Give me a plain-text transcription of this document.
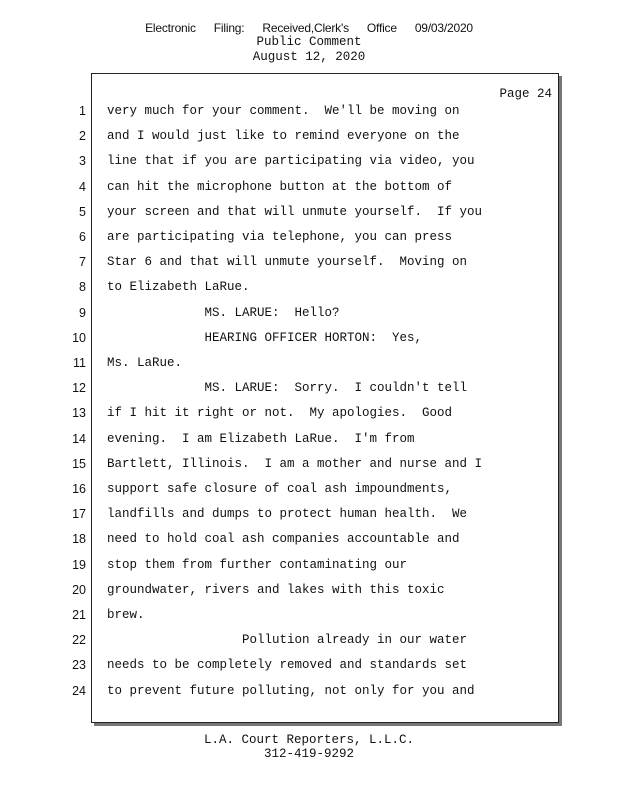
Electronic Filing: Received,Clerk's Office 09/03/2020
Public Comment
August 12, 2020
Page 24
1 very much for your comment.  We'll be moving on
2 and I would just like to remind everyone on the
3 line that if you are participating via video, you
4 can hit the microphone button at the bottom of
5 your screen and that will unmute yourself.  If you
6 are participating via telephone, you can press
7 Star 6 and that will unmute yourself.  Moving on
8 to Elizabeth LaRue.
9 MS. LARUE:  Hello?
10 HEARING OFFICER HORTON:  Yes,
11 Ms. LaRue.
12 MS. LARUE:  Sorry.  I couldn't tell
13 if I hit it right or not.  My apologies.  Good
14 evening.  I am Elizabeth LaRue.  I'm from
15 Bartlett, Illinois.  I am a mother and nurse and I
16 support safe closure of coal ash impoundments,
17 landfills and dumps to protect human health.  We
18 need to hold coal ash companies accountable and
19 stop them from further contaminating our
20 groundwater, rivers and lakes with this toxic
21 brew.
22 Pollution already in our water
23 needs to be completely removed and standards set
24 to prevent future polluting, not only for you and
L.A. Court Reporters, L.L.C.
312-419-9292
